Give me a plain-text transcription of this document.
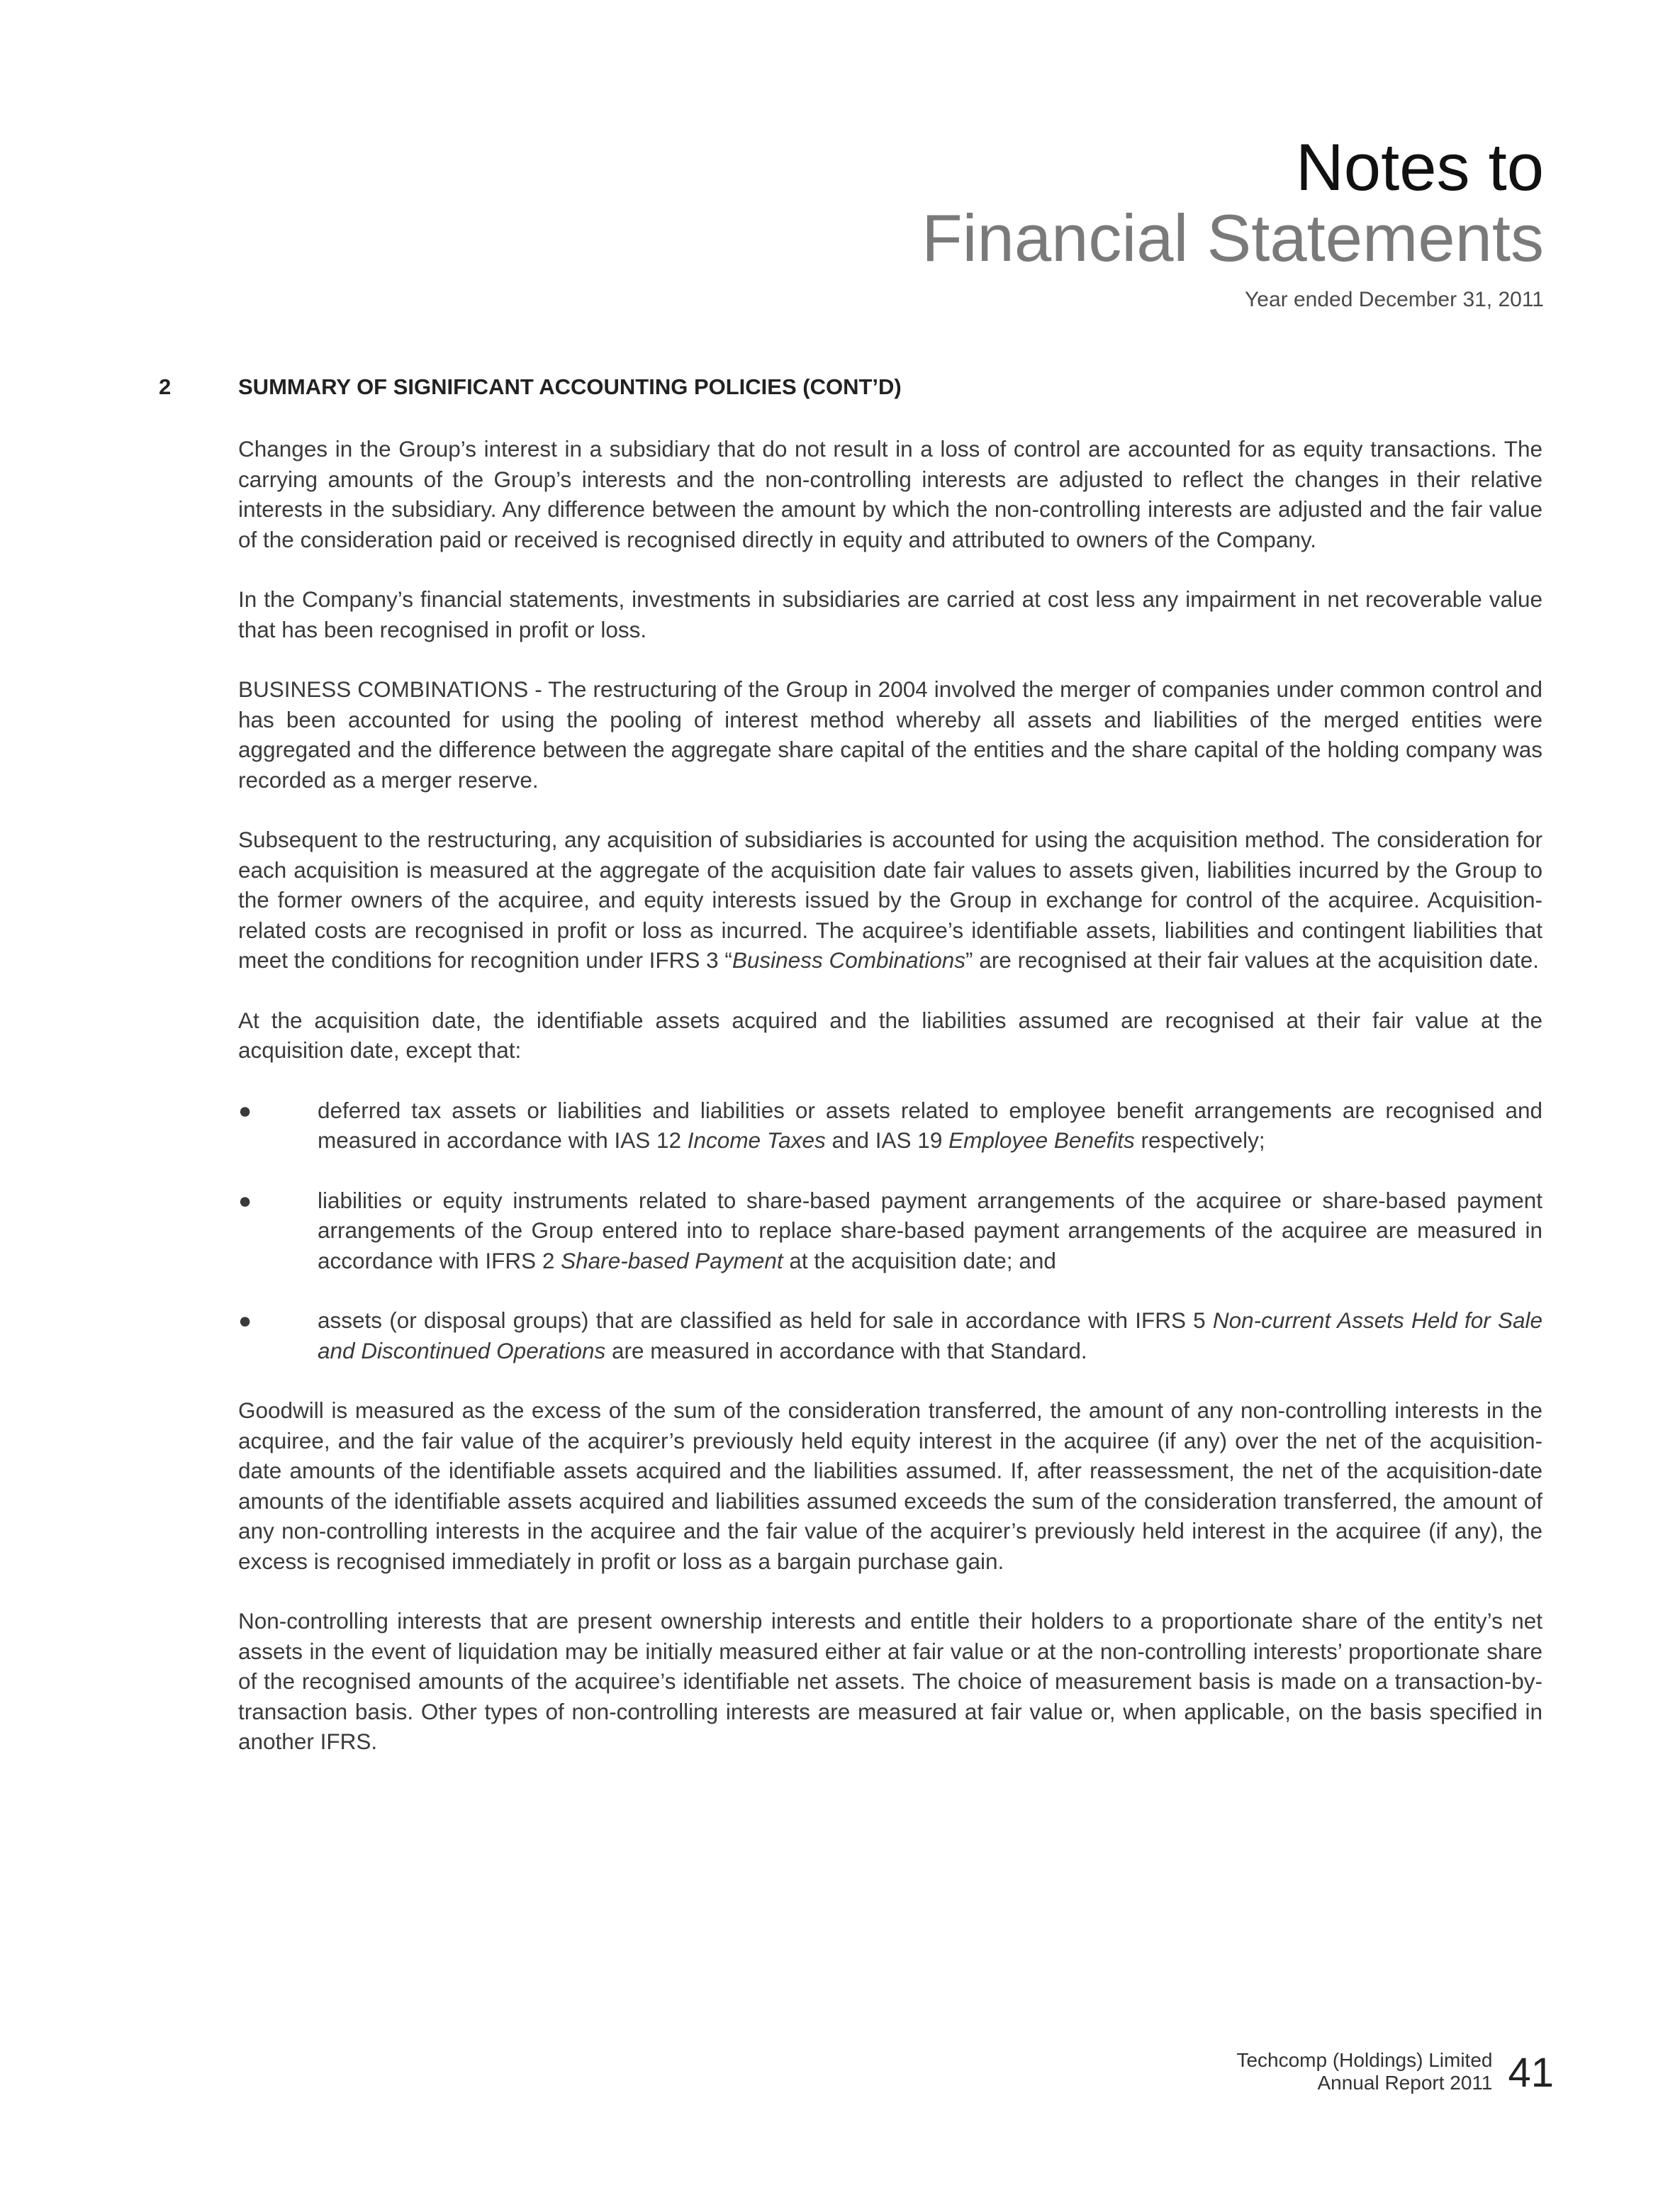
Notes to
Financial Statements
Year ended December 31, 2011
2	SUMMARY OF SIGNIFICANT ACCOUNTING POLICIES (CONT’D)

Changes in the Group’s interest in a subsidiary that do not result in a loss of control are accounted for as equity transactions. The carrying amounts of the Group’s interests and the non-controlling interests are adjusted to reflect the changes in their relative interests in the subsidiary. Any difference between the amount by which the non-controlling interests are adjusted and the fair value of the consideration paid or received is recognised directly in equity and attributed to owners of the Company.

In the Company’s financial statements, investments in subsidiaries are carried at cost less any impairment in net recoverable value that has been recognised in profit or loss.

BUSINESS COMBINATIONS - The restructuring of the Group in 2004 involved the merger of companies under common control and has been accounted for using the pooling of interest method whereby all assets and liabilities of the merged entities were aggregated and the difference between the aggregate share capital of the entities and the share capital of the holding company was recorded as a merger reserve.

Subsequent to the restructuring, any acquisition of subsidiaries is accounted for using the acquisition method. The consideration for each acquisition is measured at the aggregate of the acquisition date fair values to assets given, liabilities incurred by the Group to the former owners of the acquiree, and equity interests issued by the Group in exchange for control of the acquiree. Acquisition-related costs are recognised in profit or loss as incurred. The acquiree’s identifiable assets, liabilities and contingent liabilities that meet the conditions for recognition under IFRS 3 “Business Combinations” are recognised at their fair values at the acquisition date.

At the acquisition date, the identifiable assets acquired and the liabilities assumed are recognised at their fair value at the acquisition date, except that:

●	deferred tax assets or liabilities and liabilities or assets related to employee benefit arrangements are recognised and measured in accordance with IAS 12 Income Taxes and IAS 19 Employee Benefits respectively;
●	liabilities or equity instruments related to share-based payment arrangements of the acquiree or share-based payment arrangements of the Group entered into to replace share-based payment arrangements of the acquiree are measured in accordance with IFRS 2 Share-based Payment at the acquisition date; and
●	assets (or disposal groups) that are classified as held for sale in accordance with IFRS 5 Non-current Assets Held for Sale and Discontinued Operations are measured in accordance with that Standard.

Goodwill is measured as the excess of the sum of the consideration transferred, the amount of any non-controlling interests in the acquiree, and the fair value of the acquirer’s previously held equity interest in the acquiree (if any) over the net of the acquisition-date amounts of the identifiable assets acquired and the liabilities assumed. If, after reassessment, the net of the acquisition-date amounts of the identifiable assets acquired and liabilities assumed exceeds the sum of the consideration transferred, the amount of any non-controlling interests in the acquiree and the fair value of the acquirer’s previously held interest in the acquiree (if any), the excess is recognised immediately in profit or loss as a bargain purchase gain.

Non-controlling interests that are present ownership interests and entitle their holders to a proportionate share of the entity’s net assets in the event of liquidation may be initially measured either at fair value or at the non-controlling interests’ proportionate share of the recognised amounts of the acquiree’s identifiable net assets. The choice of measurement basis is made on a transaction-by-transaction basis. Other types of non-controlling interests are measured at fair value or, when applicable, on the basis specified in another IFRS.

Techcomp (Holdings) Limited
Annual Report 2011 41
